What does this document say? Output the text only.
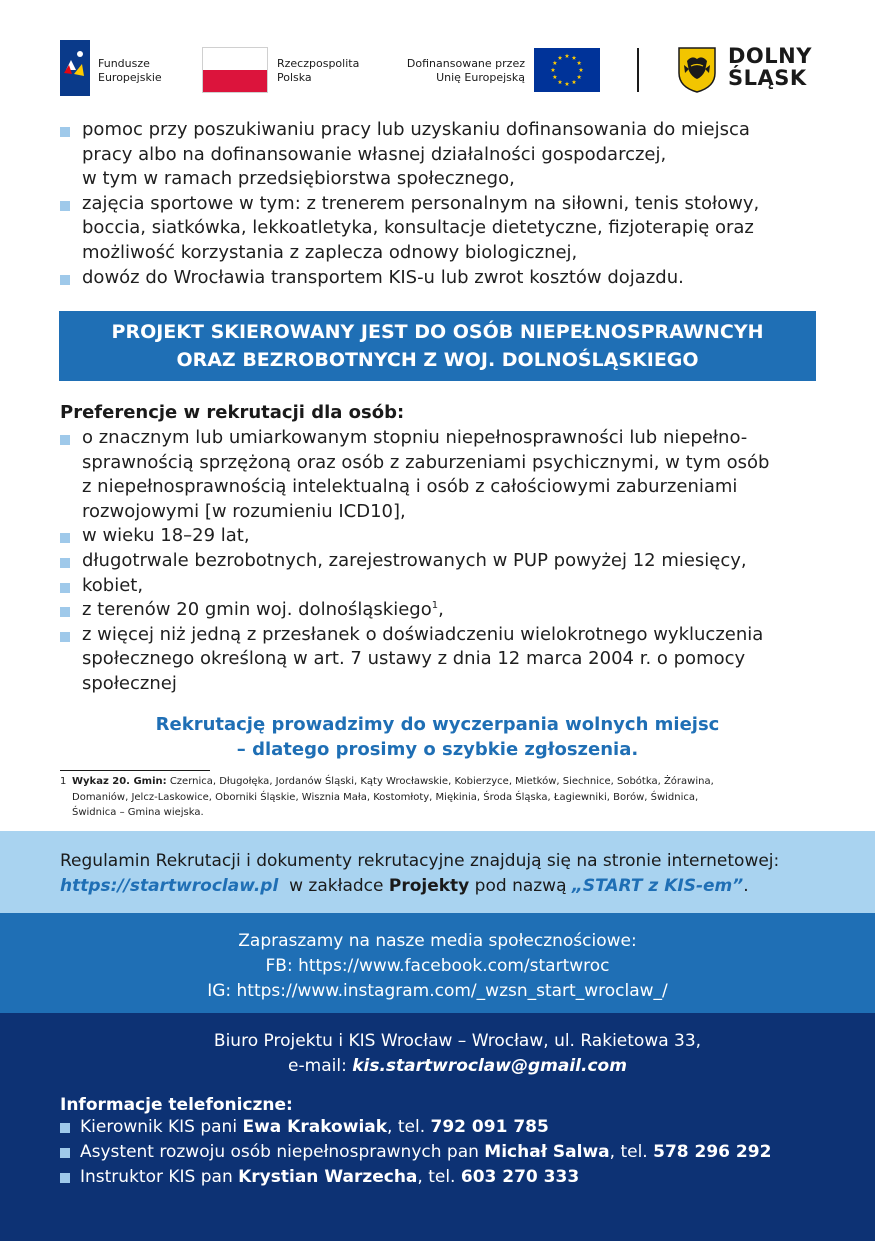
Fundusze
Europejskie
Rzeczpospolita
Polska
Dofinansowane przez
Unię Europejską
DOLNY
ŚLĄSK
pomoc przy poszukiwaniu pracy lub uzyskaniu dofinansowania do miejsca
pracy albo na dofinansowanie własnej działalności gospodarczej,
w tym w ramach przedsiębiorstwa społecznego,
zajęcia sportowe w tym: z trenerem personalnym na siłowni, tenis stołowy,
boccia, siatkówka, lekkoatletyka, konsultacje dietetyczne, fizjoterapię oraz
możliwość korzystania z zaplecza odnowy biologicznej,
dowóz do Wrocławia transportem KIS-u lub zwrot kosztów dojazdu.
PROJEKT SKIEROWANY JEST DO OSÓB NIEPEŁNOSPRAWNCYH
ORAZ BEZROBOTNYCH Z WOJ. DOLNOŚLĄSKIEGO
Preferencje w rekrutacji dla osób:
o znacznym lub umiarkowanym stopniu niepełnosprawności lub niepełno-
sprawnością sprzężoną oraz osób z zaburzeniami psychicznymi, w tym osób
z niepełnosprawnością intelektualną i osób z całościowymi zaburzeniami
rozwojowymi [w rozumieniu ICD10],
w wieku 18–29 lat,
długotrwale bezrobotnych, zarejestrowanych w PUP powyżej 12 miesięcy,
kobiet,
z terenów 20 gmin woj. dolnośląskiego$^1$,
z więcej niż jedną z przesłanek o doświadczeniu wielokrotnego wykluczenia
społecznego określoną w art. 7 ustawy z dnia 12 marca 2004 r. o pomocy
społecznej
Rekrutację prowadzimy do wyczerpania wolnych miejsc
– dlatego prosimy o szybkie zgłoszenia.
1 Wykaz 20. Gmin: Czernica, Długołęka, Jordanów Śląski, Kąty Wrocławskie, Kobierzyce, Mietków, Siechnice, Sobótka, Żórawina,
Domaniów, Jelcz-Laskowice, Oborniki Śląskie, Wisznia Mała, Kostomłoty, Miękinia, Środa Śląska, Łagiewniki, Borów, Świdnica,
Świdnica – Gmina wiejska.
Regulamin Rekrutacji i dokumenty rekrutacyjne znajdują się na stronie internetowej:
https://startwroclaw.pl  w zakładce Projekty pod nazwą „START z KIS-em”.
Zapraszamy na nasze media społecznościowe:
FB: https://www.facebook.com/startwroc
IG: https://www.instagram.com/_wzsn_start_wroclaw_/
Biuro Projektu i KIS Wrocław – Wrocław, ul. Rakietowa 33,
e-mail: kis.startwroclaw@gmail.com
Informacje telefoniczne:
Kierownik KIS pani Ewa Krakowiak, tel. 792 091 785
Asystent rozwoju osób niepełnosprawnych pan Michał Salwa, tel. 578 296 292
Instruktor KIS pan Krystian Warzecha, tel. 603 270 333
